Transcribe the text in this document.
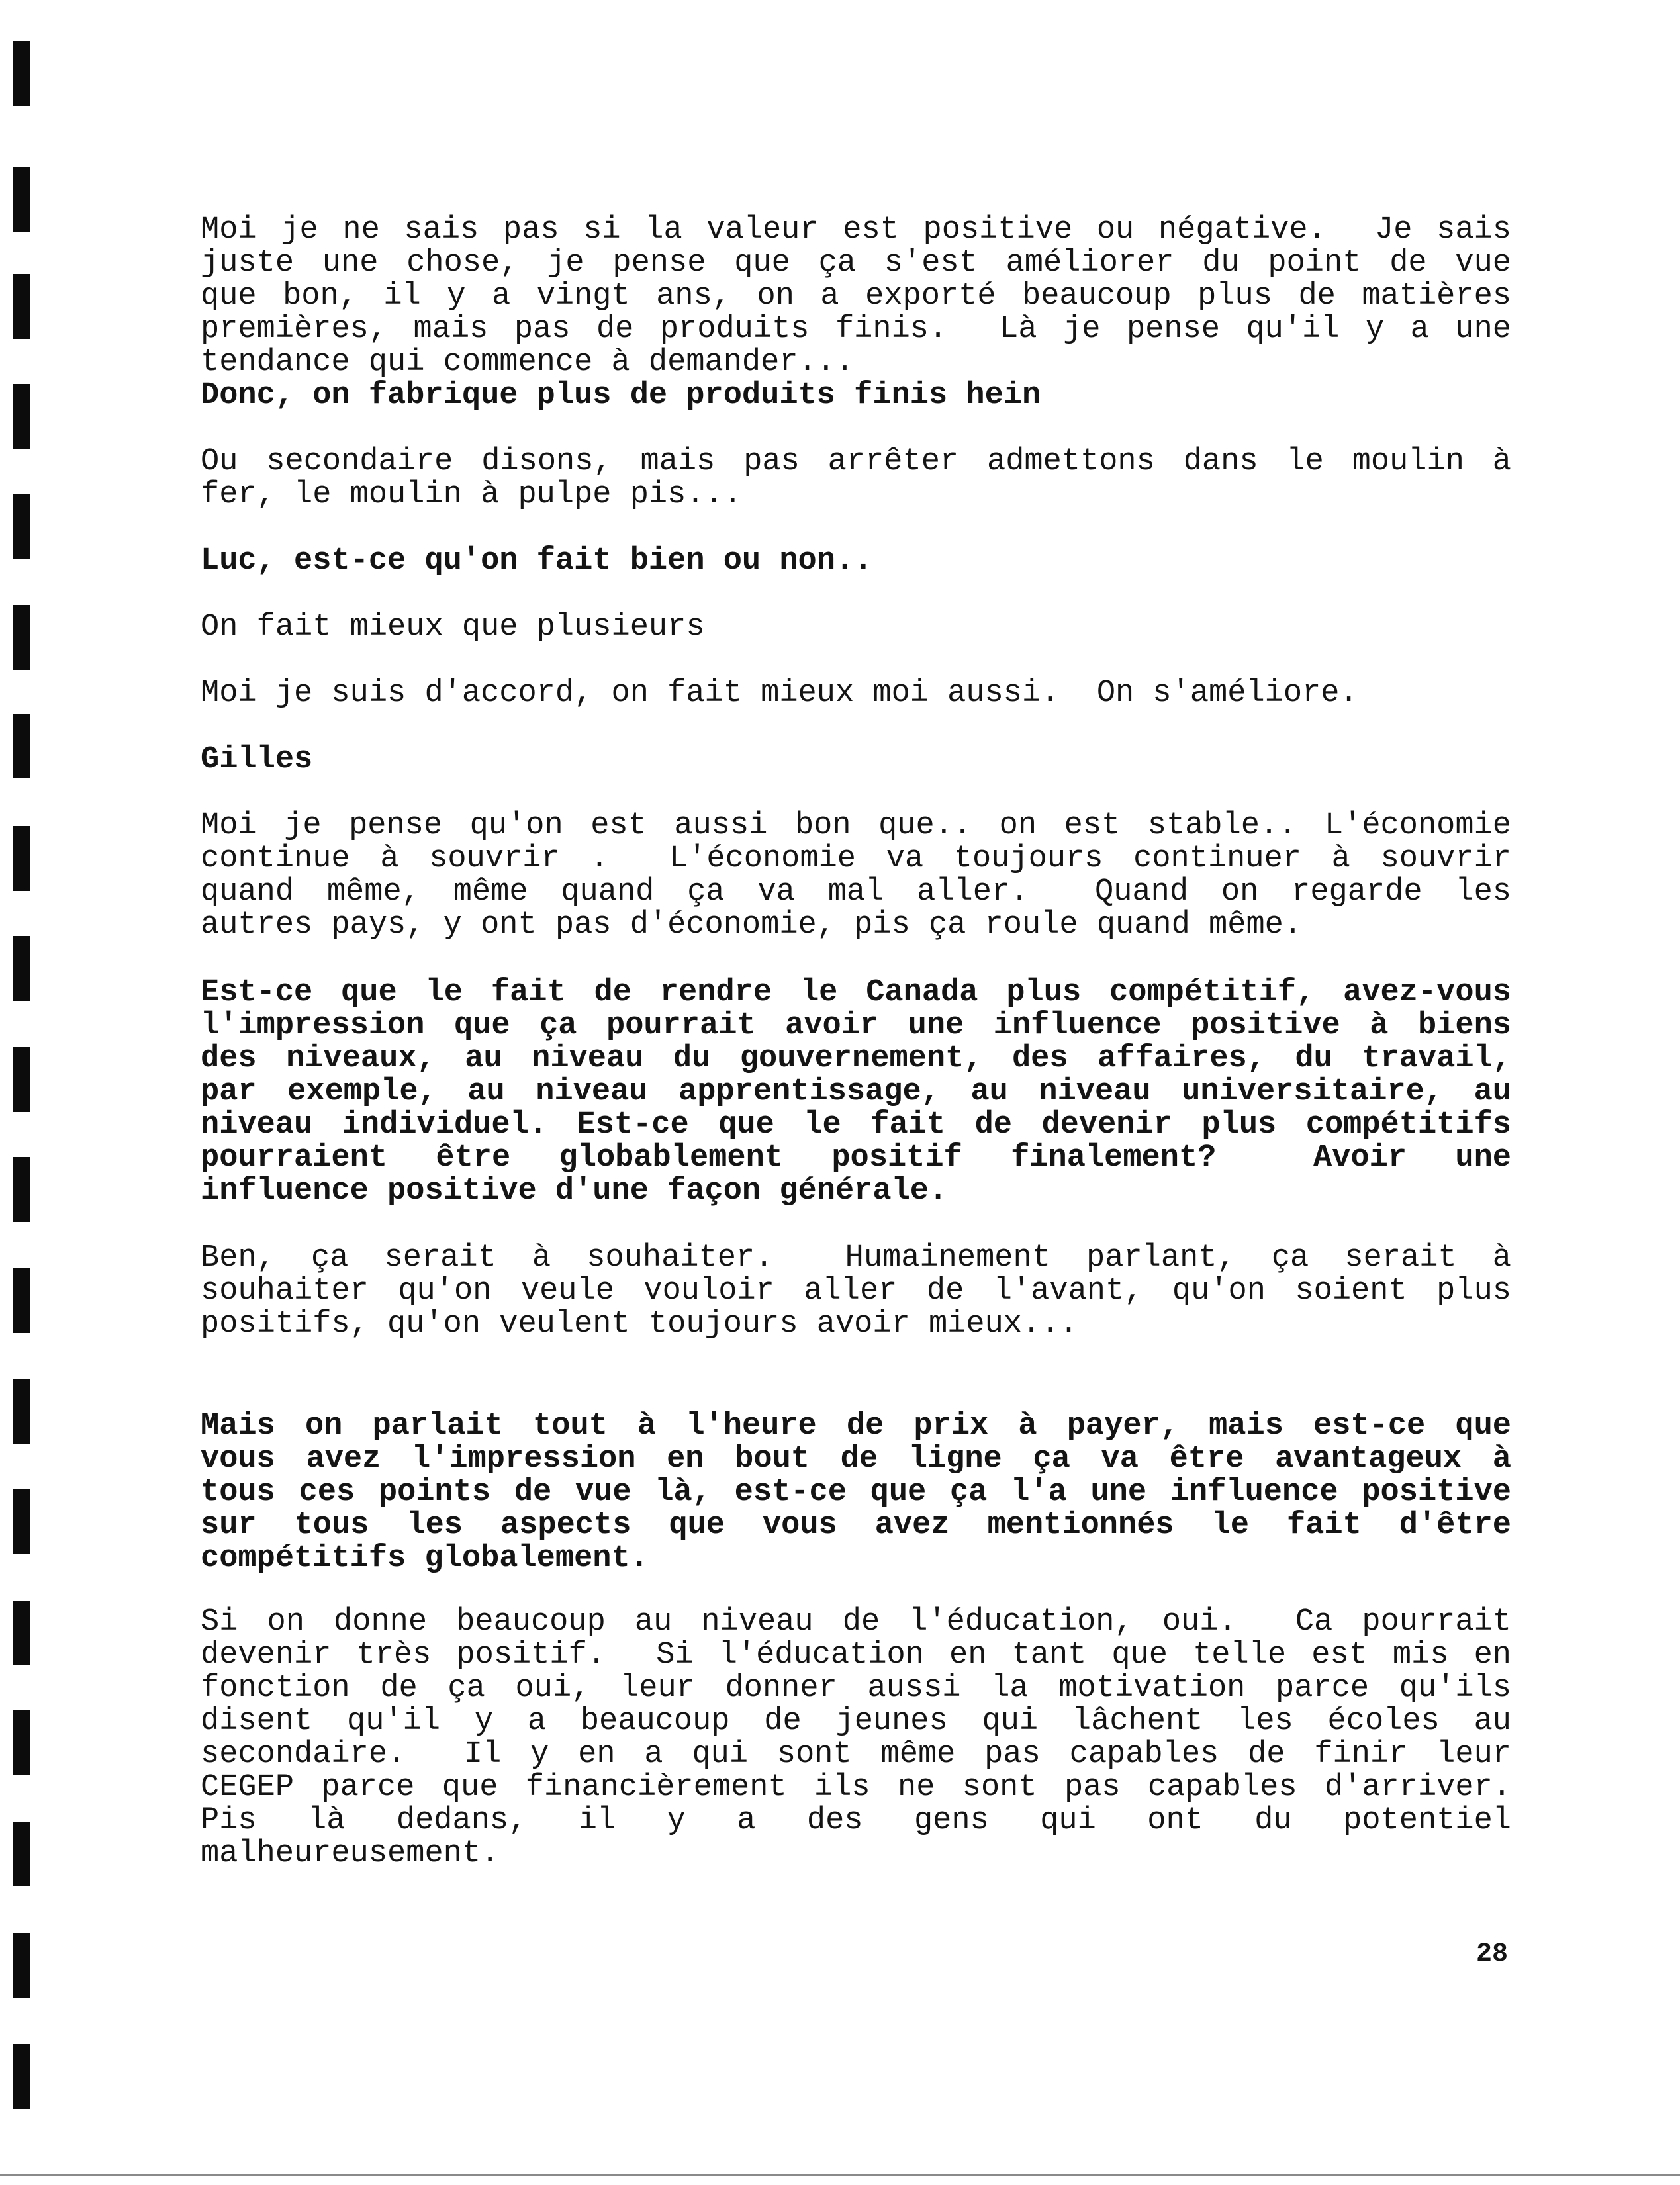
Moi je ne sais pas si la valeur est positive ou négative.  Je sais
juste une chose, je pense que ça s'est améliorer du point de vue
que bon, il y a vingt ans, on a exporté beaucoup plus de matières
premières, mais pas de produits finis.  Là je pense qu'il y a une
tendance qui commence à demander...
Donc, on fabrique plus de produits finis hein
Ou secondaire disons, mais pas arrêter admettons dans le moulin à
fer, le moulin à pulpe pis...
Luc, est-ce qu'on fait bien ou non..
On fait mieux que plusieurs
Moi je suis d'accord, on fait mieux moi aussi.  On s'améliore.
Gilles
Moi je pense qu'on est aussi bon que.. on est stable.. L'économie
continue à souvrir .  L'économie va toujours continuer à souvrir
quand même, même quand ça va mal aller.  Quand on regarde les
autres pays, y ont pas d'économie, pis ça roule quand même.
Est-ce que le fait de rendre le Canada plus compétitif, avez-vous
l'impression que ça pourrait avoir une influence positive à biens
des niveaux, au niveau du gouvernement, des affaires, du travail,
par exemple, au niveau apprentissage, au niveau universitaire, au
niveau individuel. Est-ce que le fait de devenir plus compétitifs
pourraient être globablement positif finalement?  Avoir une
influence positive d'une façon générale.
Ben, ça serait à souhaiter.  Humainement parlant, ça serait à
souhaiter qu'on veule vouloir aller de l'avant, qu'on soient plus
positifs, qu'on veulent toujours avoir mieux...
Mais on parlait tout à l'heure de prix à payer, mais est-ce que
vous avez l'impression en bout de ligne ça va être avantageux à
tous ces points de vue là, est-ce que ça l'a une influence positive
sur tous les aspects que vous avez mentionnés le fait d'être
compétitifs globalement.
Si on donne beaucoup au niveau de l'éducation, oui.  Ca pourrait
devenir très positif.  Si l'éducation en tant que telle est mis en
fonction de ça oui, leur donner aussi la motivation parce qu'ils
disent qu'il y a beaucoup de jeunes qui lâchent les écoles au
secondaire.  Il y en a qui sont même pas capables de finir leur
CEGEP parce que financièrement ils ne sont pas capables d'arriver.
Pis là dedans, il y a des gens qui ont du potentiel
malheureusement.
28
